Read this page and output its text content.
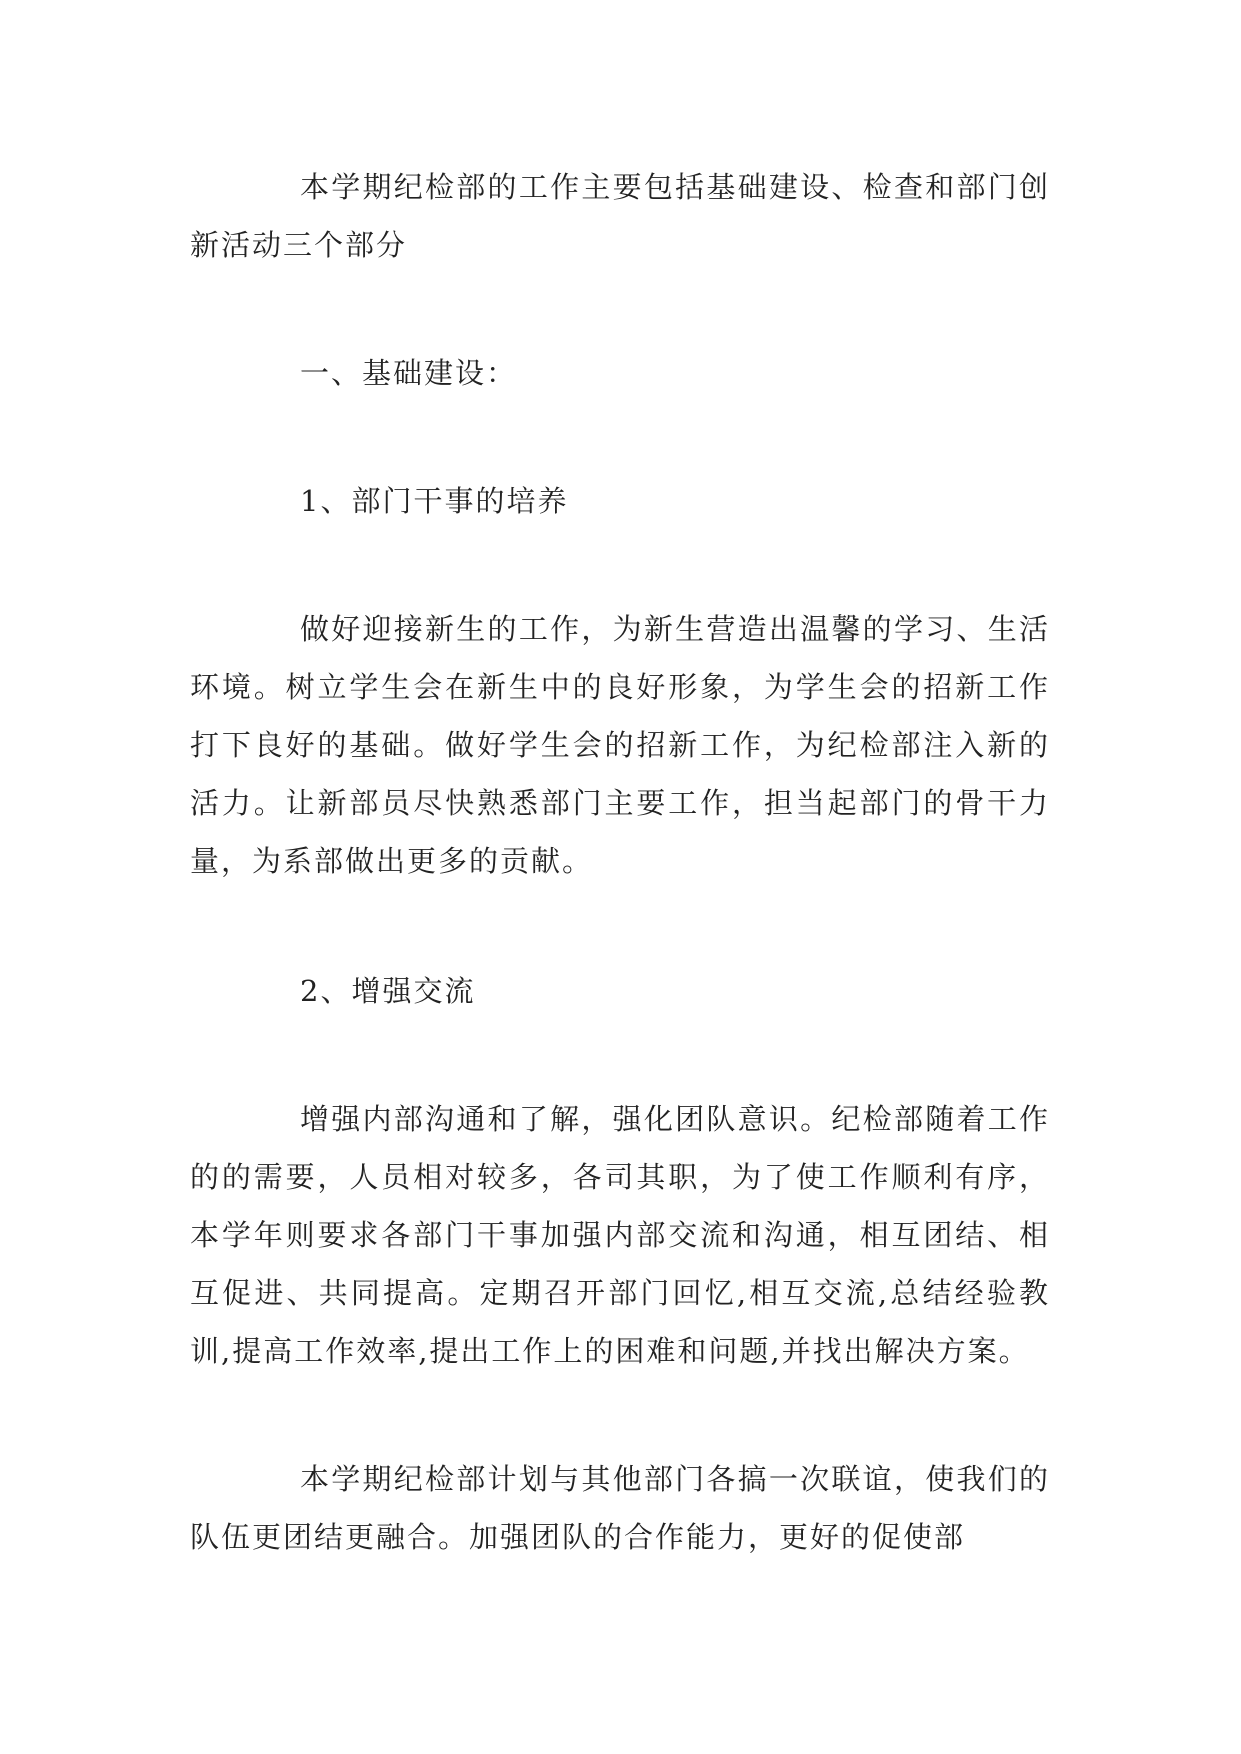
本学期纪检部的工作主要包括基础建设、检查和部门创新活动三个部分

一、基础建设：

1、部门干事的培养

做好迎接新生的工作，为新生营造出温馨的学习、生活环境。树立学生会在新生中的良好形象，为学生会的招新工作打下良好的基础。做好学生会的招新工作，为纪检部注入新的活力。让新部员尽快熟悉部门主要工作，担当起部门的骨干力量，为系部做出更多的贡献。

2、增强交流

增强内部沟通和了解，强化团队意识。纪检部随着工作的的需要，人员相对较多，各司其职，为了使工作顺利有序，本学年则要求各部门干事加强内部交流和沟通，相互团结、相互促进、共同提高。定期召开部门回忆,相互交流,总结经验教训,提高工作效率,提出工作上的困难和问题,并找出解决方案。

本学期纪检部计划与其他部门各搞一次联谊，使我们的队伍更团结更融合。加强团队的合作能力，更好的促使部
